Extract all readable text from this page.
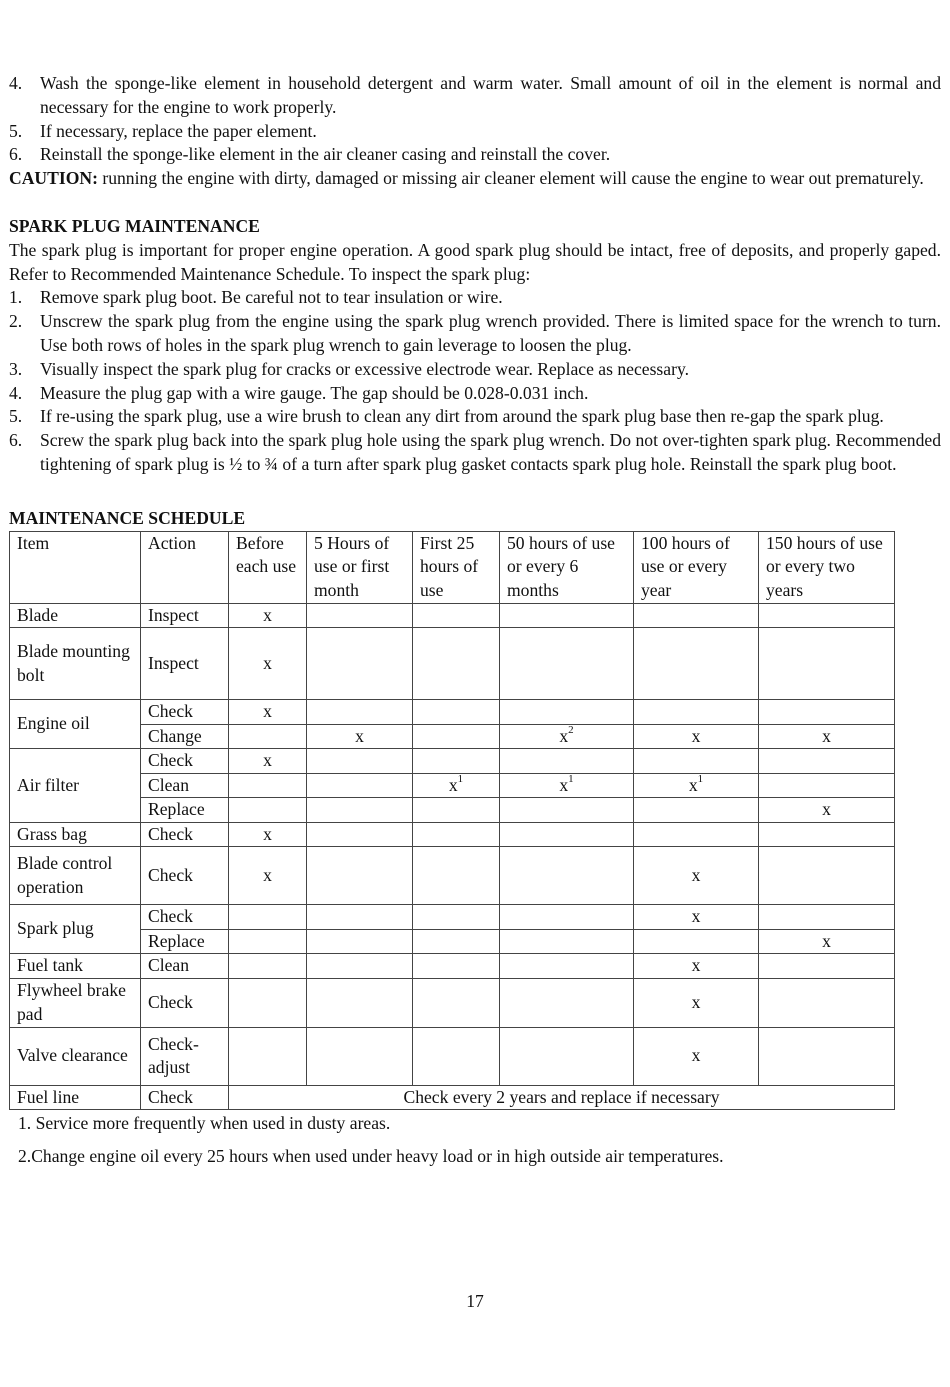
4. Wash the sponge-like element in household detergent and warm water. Small amount of oil in the element is normal and necessary for the engine to work properly.
5. If necessary, replace the paper element.
6. Reinstall the sponge-like element in the air cleaner casing and reinstall the cover.

CAUTION: running the engine with dirty, damaged or missing air cleaner element will cause the engine to wear out prematurely.

SPARK PLUG MAINTENANCE

The spark plug is important for proper engine operation. A good spark plug should be intact, free of deposits, and properly gaped. Refer to Recommended Maintenance Schedule. To inspect the spark plug:

1. Remove spark plug boot. Be careful not to tear insulation or wire.
2. Unscrew the spark plug from the engine using the spark plug wrench provided. There is limited space for the wrench to turn. Use both rows of holes in the spark plug wrench to gain leverage to loosen the plug.
3. Visually inspect the spark plug for cracks or excessive electrode wear. Replace as necessary.
4. Measure the plug gap with a wire gauge. The gap should be 0.028-0.031 inch.
5. If re-using the spark plug, use a wire brush to clean any dirt from around the spark plug base then re-gap the spark plug.
6. Screw the spark plug back into the spark plug hole using the spark plug wrench. Do not over-tighten spark plug. Recommended tightening of spark plug is ½ to ¾ of a turn after spark plug gasket contacts spark plug hole. Reinstall the spark plug boot.

MAINTENANCE SCHEDULE

Item	Action	Before each use	5 Hours of use or first month	First 25 hours of use	50 hours of use or every 6 months	100 hours of use or every year	150 hours of use or every two years
Blade	Inspect	x					
Blade mounting bolt	Inspect	x					
Engine oil	Check	x					
	Change		x		$x^2$	x	x
Air filter	Check	x					
	Clean			$x^1$	$x^1$	$x^1$	
	Replace						x
Grass bag	Check	x					
Blade control operation	Check	x				x	
Spark plug	Check					x	
	Replace						x
Fuel tank	Clean					x	
Flywheel brake pad	Check					x	
Valve clearance	Check-adjust					x	
Fuel line	Check	Check every 2 years and replace if necessary					
1. Service more frequently when used in dusty areas.
2.Change engine oil every 25 hours when used under heavy load or in high outside air temperatures.
17
